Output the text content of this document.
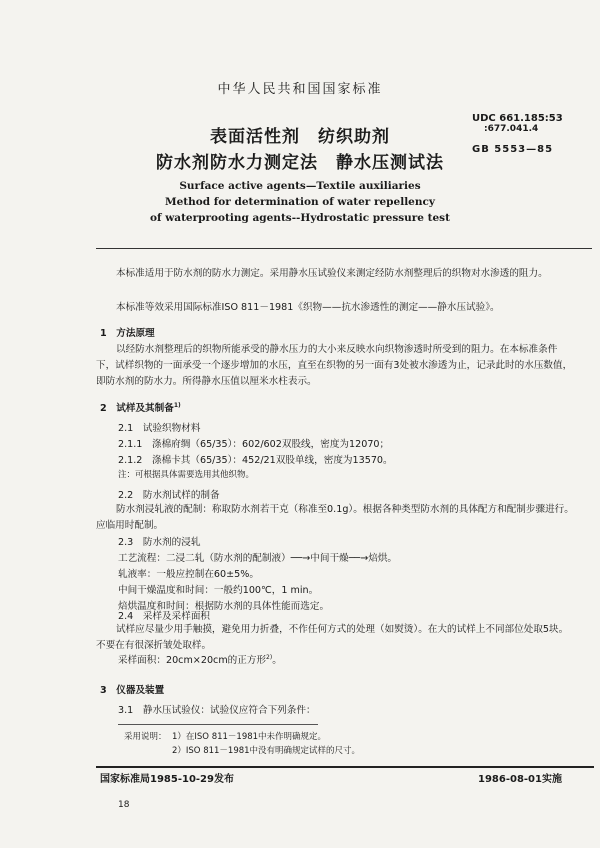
中华人民共和国国家标准
UDC 661.185:53
:677.041.4
GB 5553—85
表面活性剂　纺织助剂
防水剂防水力测定法　静水压测试法
Surface active agents—Textile auxiliaries
Method for determination of water repellency
of waterprooting agents--Hydrostatic pressure test
本标准适用于防水剂的防水力测定。采用静水压试验仪来测定经防水剂整理后的织物对水渗透的阻力。
本标准等效采用国际标准ISO 811－1981《织物——抗水渗透性的测定——静水压试验》。
1　方法原理
以经防水剂整理后的织物所能承受的静水压力的大小来反映水向织物渗透时所受到的阻力。在本标准条件下，试样织物的一面承受一个逐步增加的水压，直至在织物的另一面有3处被水渗透为止，记录此时的水压数值，即防水剂的防水力。所得静水压值以厘米水柱表示。
2　试样及其制备$^{1)}$
2.1　试验织物材料
2.1.1　涤棉府绸（65/35）：602/602双股线，密度为12070；
2.1.2　涤棉卡其（65/35）：452/21双股单线，密度为13570。
注：可根据具体需要选用其他织物。
2.2　防水剂试样的制备
防水剂浸轧液的配制：称取防水剂若干克（称准至0.1g）。根据各种类型防水剂的具体配方和配制步骤进行。应临用时配制。
2.3　防水剂的浸轧
工艺流程：二浸二轧（防水剂的配制液）──→中间干燥──→焙烘。
轧液率：一般应控制在60±5%。
中间干燥温度和时间：一般约100℃，1 min。
焙烘温度和时间：根据防水剂的具体性能而选定。
2.4　采样及采样面积
试样应尽量少用手触摸，避免用力折叠，不作任何方式的处理（如熨烫）。在大的试样上不同部位处取5块。不要在有很深折皱处取样。
采样面积：20cm×20cm的正方形$^{2)}$。
3　仪器及装置
3.1　静水压试验仪：试验仪应符合下列条件：
采用说明： 1）在ISO 811－1981中未作明确规定。
2）ISO 811－1981中没有明确规定试样的尺寸。
国家标准局1985-10-29发布	1986-08-01实施
18
